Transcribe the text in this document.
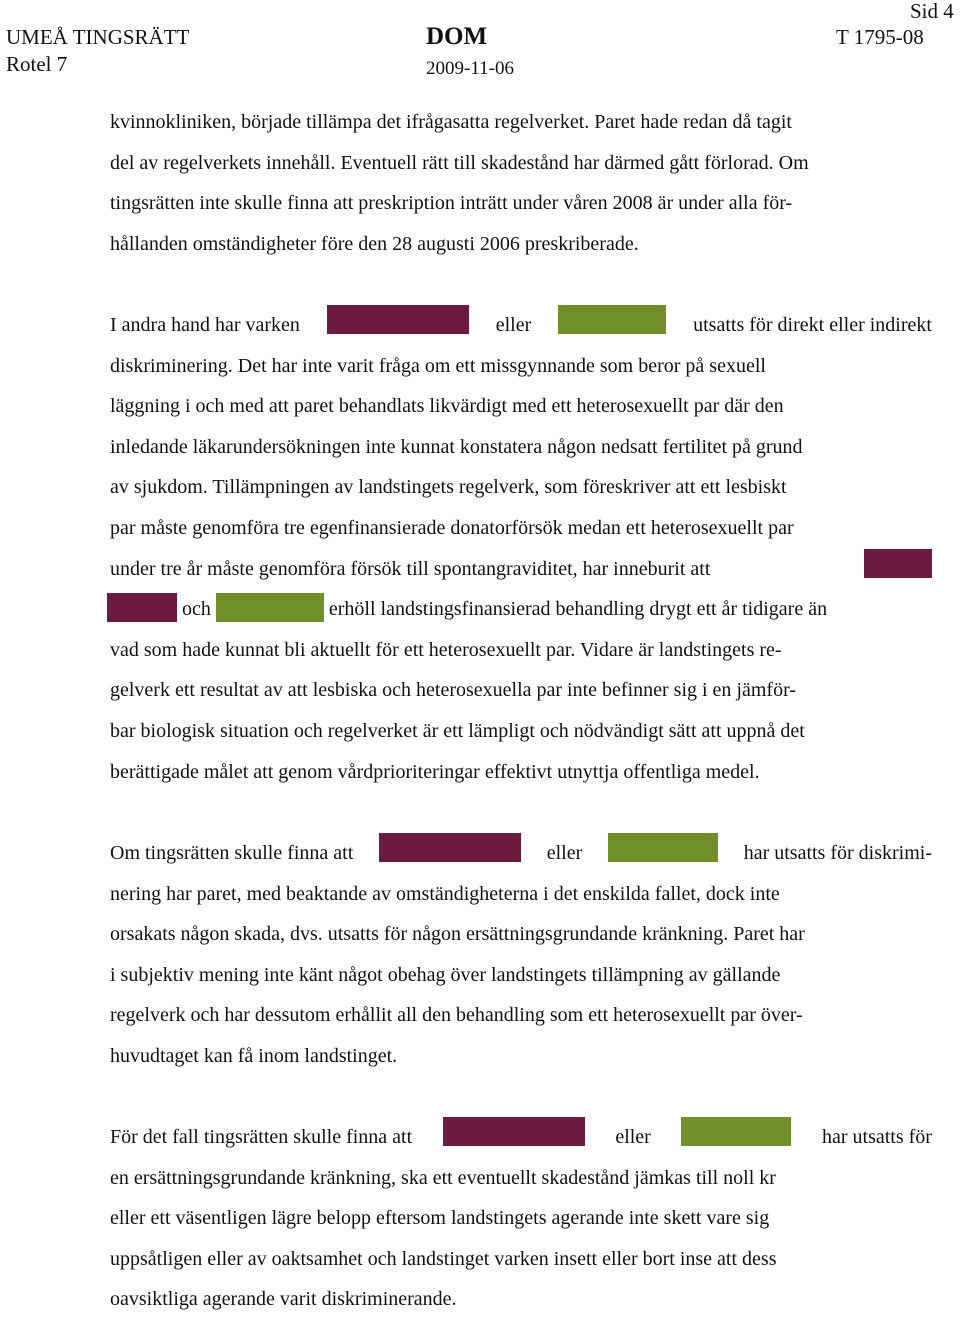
UMEÅ TINGSRÄTT
Rotel 7
DOM
2009-11-06
Sid 4
T 1795-08
kvinnokliniken, började tillämpa det ifrågasatta regelverket. Paret hade redan då tagit
del av regelverkets innehåll. Eventuell rätt till skadestånd har därmed gått förlorad. Om
tingsrätten inte skulle finna att preskription inträtt under våren 2008 är under alla för-
hållanden omständigheter före den 28 augusti 2006 preskriberade.
I andra hand har varken	eller	utsatts för direkt eller indirekt
diskriminering. Det har inte varit fråga om ett missgynnande som beror på sexuell
läggning i och med att paret behandlats likvärdigt med ett heterosexuellt par där den
inledande läkarundersökningen inte kunnat konstatera någon nedsatt fertilitet på grund
av sjukdom. Tillämpningen av landstingets regelverk, som föreskriver att ett lesbiskt
par måste genomföra tre egenfinansierade donatorförsök medan ett heterosexuellt par
under tre år måste genomföra försök till spontangraviditet, har inneburit att
och	erhöll landstingsfinansierad behandling drygt ett år tidigare än
vad som hade kunnat bli aktuellt för ett heterosexuellt par. Vidare är landstingets re-
gelverk ett resultat av att lesbiska och heterosexuella par inte befinner sig i en jämför-
bar biologisk situation och regelverket är ett lämpligt och nödvändigt sätt att uppnå det
berättigade målet att genom vårdprioriteringar effektivt utnyttja offentliga medel.
Om tingsrätten skulle finna att	eller	har utsatts för diskrimi-
nering har paret, med beaktande av omständigheterna i det enskilda fallet, dock inte
orsakats någon skada, dvs. utsatts för någon ersättningsgrundande kränkning. Paret har
i subjektiv mening inte känt något obehag över landstingets tillämpning av gällande
regelverk och har dessutom erhållit all den behandling som ett heterosexuellt par över-
huvudtaget kan få inom landstinget.
För det fall tingsrätten skulle finna att	eller	har utsatts för
en ersättningsgrundande kränkning, ska ett eventuellt skadestånd jämkas till noll kr
eller ett väsentligen lägre belopp eftersom landstingets agerande inte skett vare sig
uppsåtligen eller av oaktsamhet och landstinget varken insett eller bort inse att dess
oavsiktliga agerande varit diskriminerande.
